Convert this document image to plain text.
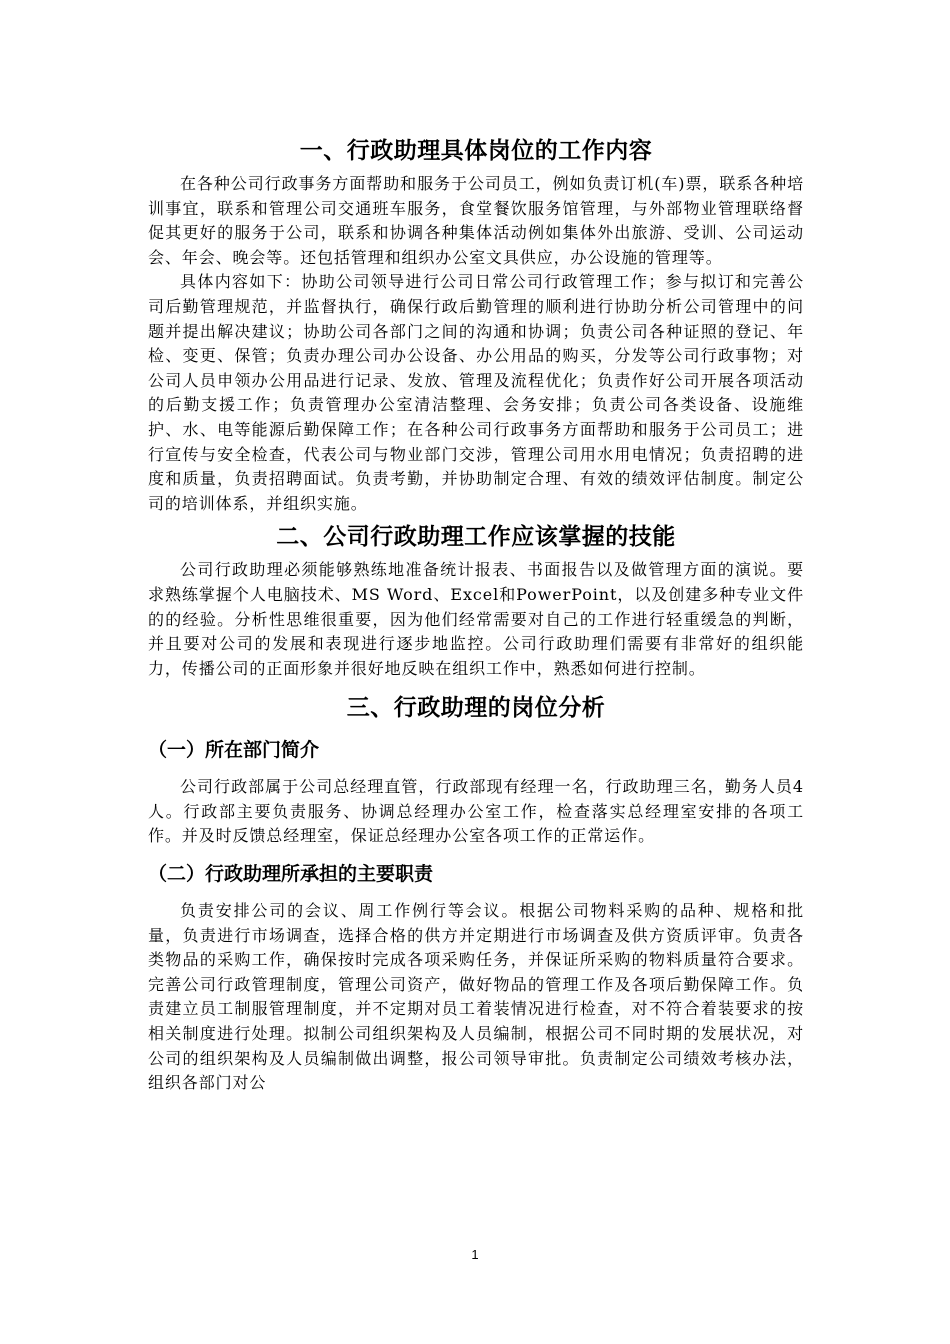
一、行政助理具体岗位的工作内容

在各种公司行政事务方面帮助和服务于公司员工，例如负责订机(车)票，联系各种培训事宜，联系和管理公司交通班车服务，食堂餐饮服务馆管理，与外部物业管理联络督促其更好的服务于公司，联系和协调各种集体活动例如集体外出旅游、受训、公司运动会、年会、晚会等。还包括管理和组织办公室文具供应，办公设施的管理等。

具体内容如下：协助公司领导进行公司日常公司行政管理工作；参与拟订和完善公司后勤管理规范，并监督执行，确保行政后勤管理的顺利进行协助分析公司管理中的问题并提出解决建议；协助公司各部门之间的沟通和协调；负责公司各种证照的登记、年检、变更、保管；负责办理公司办公设备、办公用品的购买，分发等公司行政事物；对公司人员申领办公用品进行记录、发放、管理及流程优化；负责作好公司开展各项活动的后勤支援工作；负责管理办公室清洁整理、会务安排；负责公司各类设备、设施维护、水、电等能源后勤保障工作；在各种公司行政事务方面帮助和服务于公司员工；进行宣传与安全检查，代表公司与物业部门交涉，管理公司用水用电情况；负责招聘的进度和质量，负责招聘面试。负责考勤，并协助制定合理、有效的绩效评估制度。制定公司的培训体系，并组织实施。

二、公司行政助理工作应该掌握的技能

公司行政助理必须能够熟练地准备统计报表、书面报告以及做管理方面的演说。要求熟练掌握个人电脑技术、MS Word、Excel和PowerPoint，以及创建多种专业文件的的经验。分析性思维很重要，因为他们经常需要对自己的工作进行轻重缓急的判断，并且要对公司的发展和表现进行逐步地监控。公司行政助理们需要有非常好的组织能力，传播公司的正面形象并很好地反映在组织工作中，熟悉如何进行控制。

三、行政助理的岗位分析
（一）所在部门简介

公司行政部属于公司总经理直管，行政部现有经理一名，行政助理三名，勤务人员4人。行政部主要负责服务、协调总经理办公室工作，检查落实总经理室安排的各项工作。并及时反馈总经理室，保证总经理办公室各项工作的正常运作。

（二）行政助理所承担的主要职责

负责安排公司的会议、周工作例行等会议。根据公司物料采购的品种、规格和批量，负责进行市场调查，选择合格的供方并定期进行市场调查及供方资质评审。负责各类物品的采购工作，确保按时完成各项采购任务，并保证所采购的物料质量符合要求。完善公司行政管理制度，管理公司资产，做好物品的管理工作及各项后勤保障工作。负责建立员工制服管理制度，并不定期对员工着装情况进行检查，对不符合着装要求的按相关制度进行处理。拟制公司组织架构及人员编制，根据公司不同时期的发展状况，对公司的组织架构及人员编制做出调整，报公司领导审批。负责制定公司绩效考核办法，组织各部门对公

1
